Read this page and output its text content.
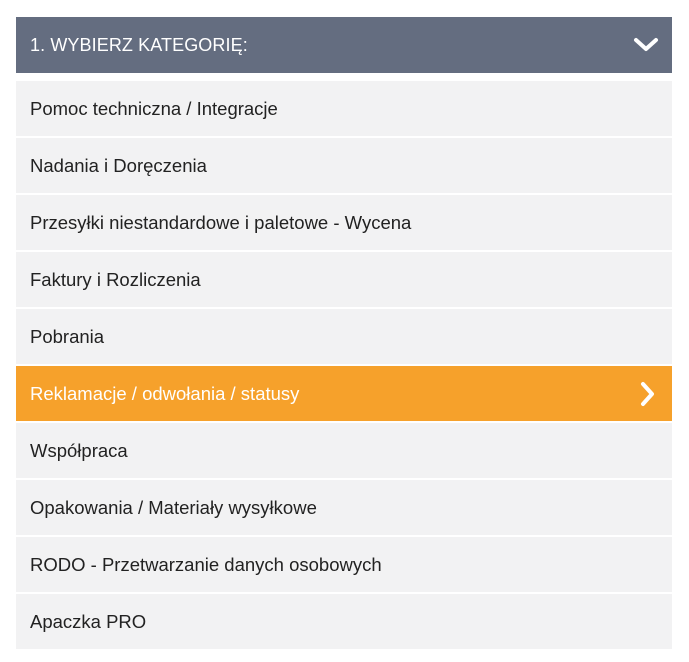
1. WYBIERZ KATEGORIĘ:
Pomoc techniczna / Integracje
Nadania i Doręczenia
Przesyłki niestandardowe i paletowe - Wycena
Faktury i Rozliczenia
Pobrania
Reklamacje / odwołania / statusy
Współpraca
Opakowania / Materiały wysyłkowe
RODO - Przetwarzanie danych osobowych
Apaczka PRO
